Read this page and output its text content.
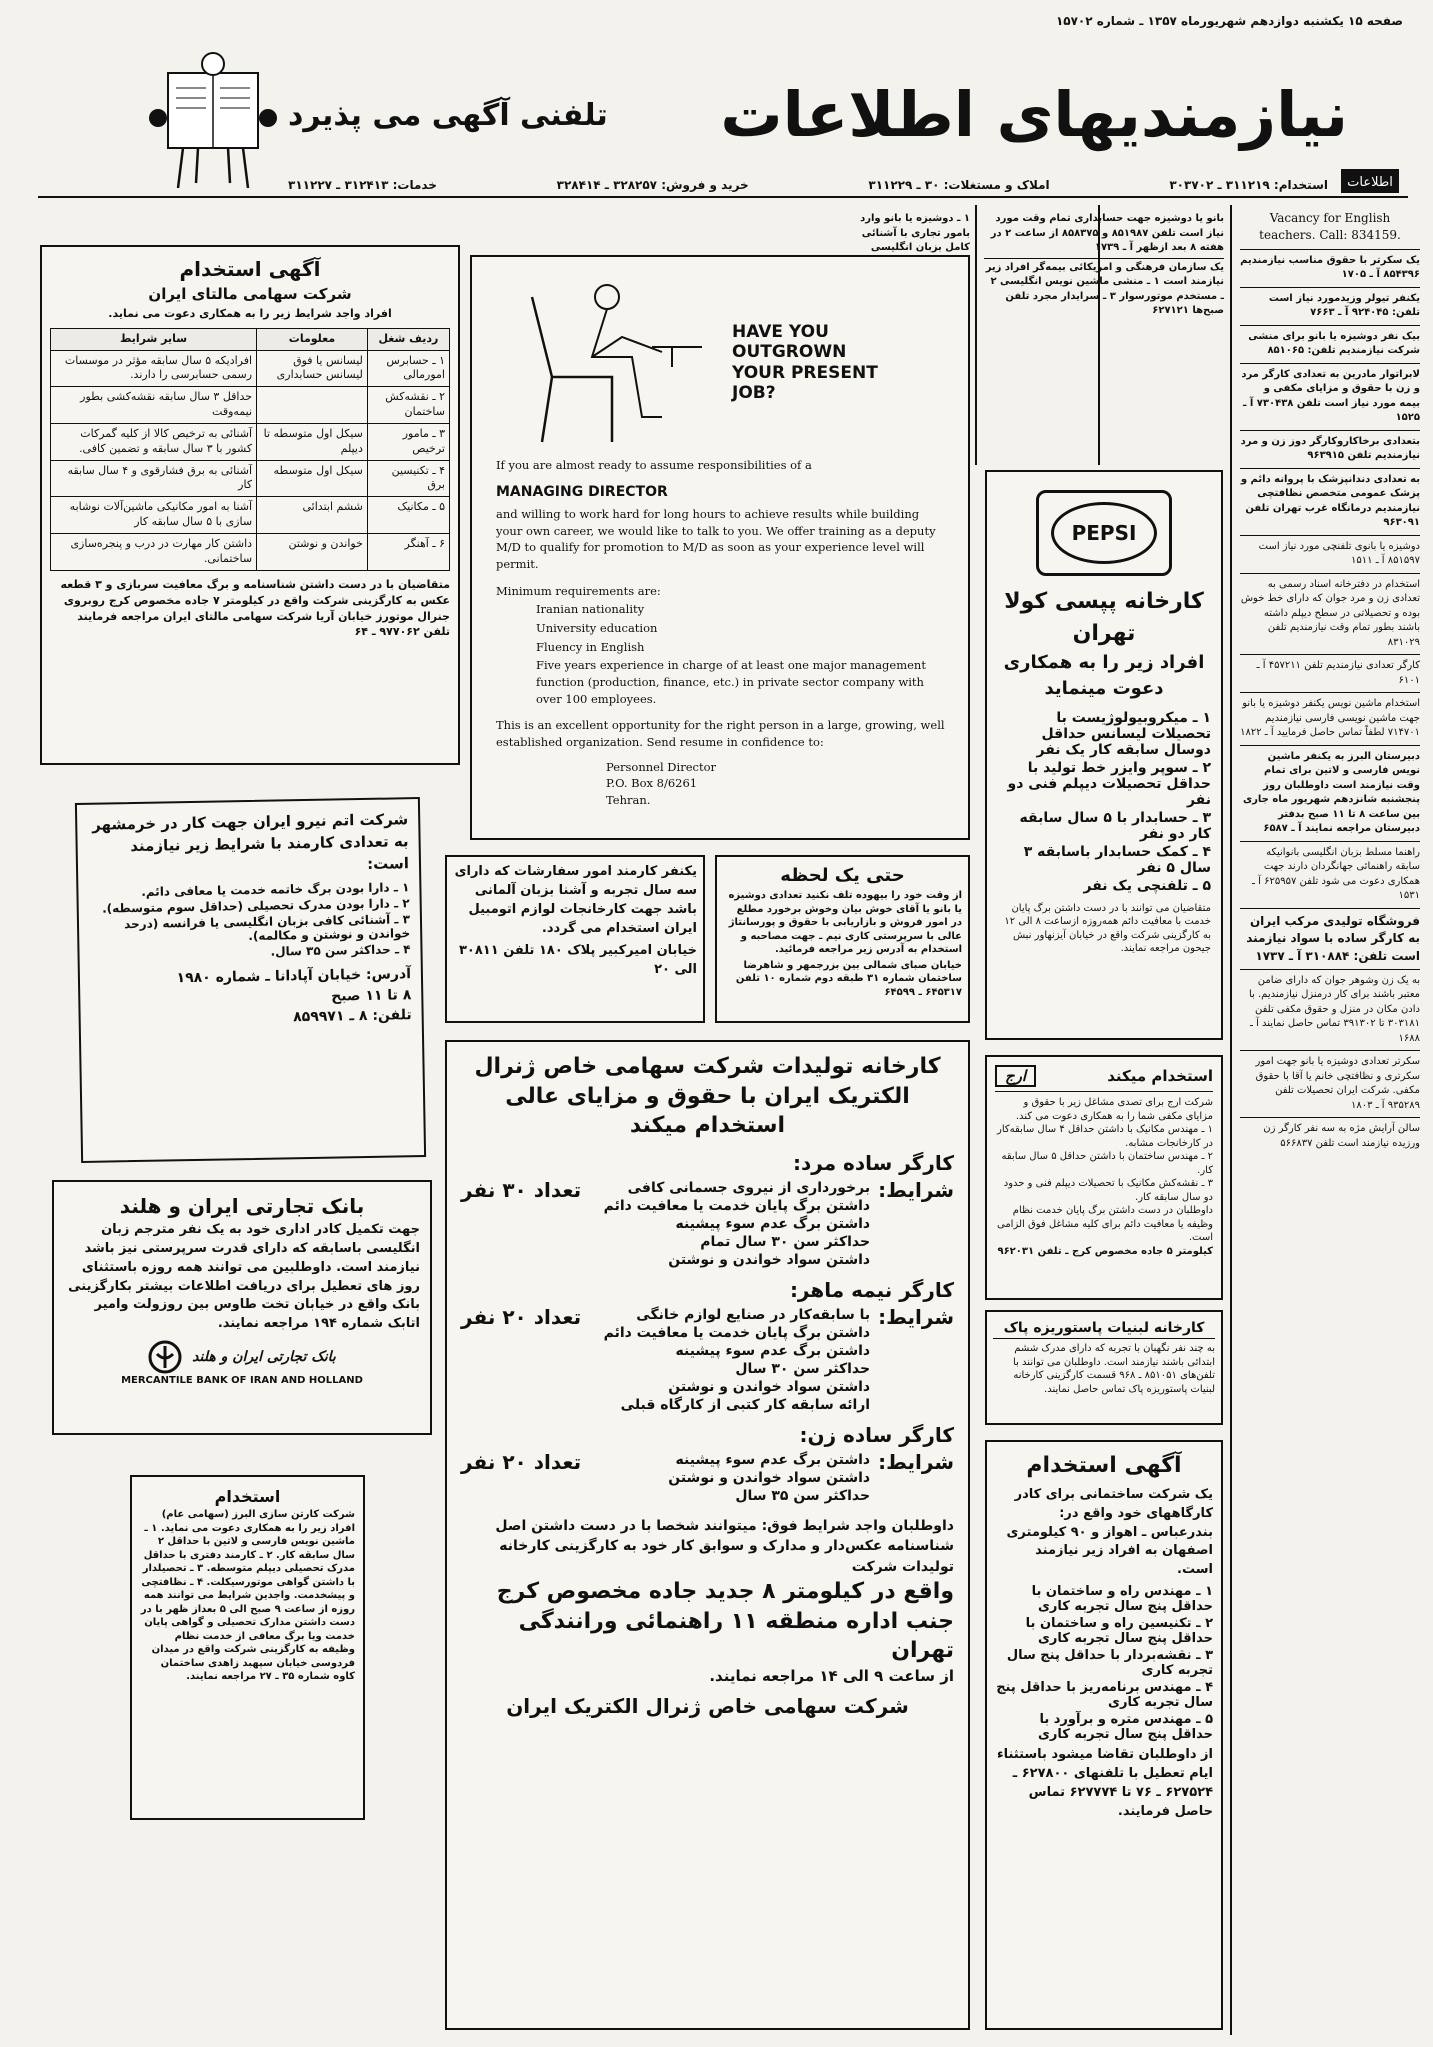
صفحه ۱۵ یکشنبه دوازدهم شهریورماه ۱۳۵۷ ـ شماره ۱۵۷۰۲
تلفنی آگهی می پذیرد نیازمندیهای اطلاعات
استخدام: ۳۱۱۲۱۹ ـ ۳۰۳۷۰۲
املاک و مستغلات: ۳۰ ـ ۳۱۱۲۲۹
خرید و فروش: ۳۲۸۲۵۷ ـ ۳۲۸۴۱۴
خدمات: ۳۱۲۴۱۳ ـ ۳۱۱۲۲۷	اطلاعات
Vacancy for English teachers. Call: 834159.
یک سکرتر با حقوق مناسب نیازمندیم ۸۵۴۳۹۶ آ ـ ۱۷۰۵
یکنفر تیولر وزیدمورد نیاز است تلفن: ۹۲۴۰۴۵ آ ـ ۷۶۶۳
بیک نفر دوشیزه یا بانو برای منشی شرکت نیازمندیم تلفن: ۸۵۱۰۶۵
لابراتوار مادرین به تعدادی کارگر مرد و زن با حقوق و مزایای مکفی و بیمه مورد نیاز است تلفن ۷۳۰۴۳۸ آ ـ ۱۵۲۵
بتعدادی برخاکاروکارگر دوز زن و مرد نیازمندیم تلفن ۹۶۳۹۱۵
به تعدادی دندانپزشک با پروانه دائم و پزشک عمومی متخصص نظافتچی نیازمندیم درمانگاه غرب تهران تلفن ۹۶۳۰۹۱
دوشیزه یا بانوی تلفنچی مورد نیاز است ۸۵۱۵۹۷ آ ـ ۱۵۱۱
استخدام در دفترخانه اسناد رسمی به تعدادی زن و مرد جوان که دارای خط خوش بوده و تحصیلاتی در سطح دیپلم داشته باشند بطور تمام وقت نیازمندیم تلفن ۸۳۱۰۲۹
کارگر تعدادی نیازمندیم تلفن ۴۵۷۲۱۱ آ ـ ۶۱۰۱
استخدام ماشین نویس یکنفر دوشیزه یا بانو جهت ماشین نویسی فارسی نیازمندیم ۷۱۴۷۰۱ لطفاً تماس حاصل فرمایید آ ـ ۱۸۲۲
دبیرستان البرز به یکنفر ماشین نویس فارسی و لاتین برای تمام وقت نیازمند است داوطلبان روز پنجشنبه شانزدهم شهریور ماه جاری بین ساعت ۸ تا ۱۱ صبح بدفتر دبیرستان مراجعه نمایند آ ـ ۶۵۸۷
راهنما مسلط بزبان انگلیسی بانوانیکه سابقه راهنمائی جهانگردان دارند جهت همکاری دعوت می شود تلفن ۶۲۵۹۵۷ آ ـ ۱۵۳۱
فروشگاه تولیدی مرکب ایران به کارگر ساده با سواد نیازمند است تلفن: ۳۱۰۸۸۴ آ ـ ۱۷۳۷
به یک زن وشوهر جوان که دارای ضامن معتبر باشند برای کار درمنزل نیازمندیم. با دادن مکان در منزل و حقوق مکفی تلفن ۳۰۳۱۸۱ تا ۳۹۱۳۰۲ تماس حاصل نمایند آ ـ ۱۶۸۸
سکرتر تعدادی دوشیزه یا بانو جهت امور سکرتری و نظافتچی خانم یا آقا با حقوق مکفی. شرکت ایران تحصیلات تلفن ۹۳۵۲۸۹ آ ـ ۱۸۰۳
سالن آرایش مژه به سه نفر کارگر زن ورزیده نیازمند است تلفن ۵۶۶۸۳۷
بانو یا دوشیزه جهت حسابداری تمام وقت مورد نیاز است تلفن ۸۵۱۹۸۷ و ۸۵۸۳۷۵ از ساعت ۲ در هفته ۸ بعد ازظهر آ ـ ۱۷۳۹
یک سازمان فرهنگی و امریکائی بیمه‌گر افراد زیر نیازمند است ۱ ـ منشی ماشین نویس انگلیسی ۲ ـ مستخدم موتورسوار ۳ ـ سرایدار مجرد تلفن صبح‌ها ۶۲۷۱۲۱
۱ ـ دوشیزه یا بانو وارد بامور تجاری با آشنائی کامل بزبان انگلیسی
PEPSI
کارخانه پپسی کولا تهران
افراد زیر را به همکاری دعوت مینماید
۱ ـ میکروبیولوژیست با تحصیلات لیسانس حداقل دوسال سابقه کار یک نفر
۲ ـ سوپر وایزر خط تولید با حداقل تحصیلات دیپلم فنی دو نفر
۳ ـ حسابدار با ۵ سال سابقه کار دو نفر
۴ ـ کمک حسابدار باسابقه ۳ سال ۵ نفر
۵ ـ تلفنچی یک نفر
متقاضیان می توانند با در دست داشتن برگ پایان خدمت با معافیت دائم همه‌روزه ازساعت ۸ الی ۱۲ به کارگزینی شرکت واقع در خیابان آیزنهاور نبش جیحون مراجعه نمایند.
استخدام میکند
ارج
شرکت ارج برای تصدی مشاغل زیر با حقوق و مزایای مکفی شما را به همکاری دعوت می کند.
۱ ـ مهندس مکانیک با داشتن حداقل ۴ سال سابقه‌کار در کارخانجات مشابه.
۲ ـ مهندس ساختمان با داشتن حداقل ۵ سال سابقه کار.
۳ ـ نقشه‌کش مکانیک با تحصیلات دیپلم فنی و حدود دو سال سابقه کار.
داوطلبان در دست داشتن برگ پایان خدمت نظام وظیفه یا معافیت دائم برای کلیه مشاغل فوق الزامی است.
کیلومتر ۵ جاده مخصوص کرج ـ تلفن ۹۶۲۰۳۱
کارخانه لبنیات پاستوریزه پاک
به چند نفر نگهبان با تجربه که دارای مدرک ششم ابتدائی باشند نیازمند است. داوطلبان می توانند با تلفن‌های ۸۵۱۰۵۱ ـ ۹۶۸ قسمت کارگزینی کارخانه لبنیات پاستوریزه پاک تماس حاصل نمایند.
آگهی استخدام
یک شرکت ساختمانی برای کادر کارگاههای خود واقع در: بندرعباس ـ اهواز و ۹۰ کیلومتری اصفهان به افراد زیر نیازمند است.
۱ ـ مهندس راه و ساختمان با حداقل پنج سال تجربه کاری
۲ ـ تکنیسین راه و ساختمان با حداقل پنج سال تجربه کاری
۳ ـ نقشه‌بردار با حداقل پنج سال تجربه کاری
۴ ـ مهندس برنامه‌ریز با حداقل پنج سال تجربه کاری
۵ ـ مهندس متره و برآورد با حداقل پنج سال تجربه کاری
از داوطلبان تقاضا میشود باستثناء ایام تعطیل با تلفنهای ۶۲۷۸۰۰ ـ ۶۲۷۵۲۴ ـ ۷۶ تا ۶۲۷۷۷۴ تماس حاصل فرمایند.
HAVE YOU OUTGROWN YOUR PRESENT JOB?
If you are almost ready to assume responsibilities of a
MANAGING DIRECTOR
and willing to work hard for long hours to achieve results while building your own career, we would like to talk to you. We offer training as a deputy M/D to qualify for promotion to M/D as soon as your experience level will permit.
Minimum requirements are:
Iranian nationality
University education
Fluency in English
Five years experience in charge of at least one major management function (production, finance, etc.) in private sector company with over 100 employees.
This is an excellent opportunity for the right person in a large, growing, well established organization. Send resume in confidence to:
Personnel Director
P.O. Box 8/6261
Tehran.
آگهی استخدام
شرکت سهامی مالتای ایران
افراد واجد شرایط زیر را به همکاری دعوت می نماید.
ردیف شغل	معلومات	سایر شرایط
۱ ـ حسابرس امورمالی	لیسانس یا فوق لیسانس حسابداری	افرادیکه ۵ سال سابقه مؤثر در موسسات رسمی حسابرسی را دارند.
۲ ـ نقشه‌کش ساختمان		حداقل ۳ سال سابقه نقشه‌کشی بطور نیمه‌وقت
۳ ـ مامور ترخیص	سیکل اول متوسطه تا دیپلم	آشنائی به ترخیص کالا از کلیه گمرکات کشور با ۳ سال سابقه و تضمین کافی.
۴ ـ تکنیسین برق	سیکل اول متوسطه	آشنائی به برق فشارقوی و ۴ سال سابقه کار
۵ ـ مکانیک	ششم ابتدائی	آشنا به امور مکانیکی ماشین‌آلات نوشابه سازی با ۵ سال سابقه کار
۶ ـ آهنگر	خواندن و نوشتن	داشتن کار مهارت در درب و پنجره‌سازی ساختمانی.
متقاضیان با در دست داشتن شناسنامه و برگ معافیت سربازی و ۳ قطعه عکس به کارگزینی شرکت واقع در کیلومتر ۷ جاده مخصوص کرج روبروی جنرال موتورز خیابان آریا شرکت سهامی مالتای ایران مراجعه فرمایند تلفن ۹۷۷۰۶۲ ـ ۶۴
شرکت اتم نیرو ایران جهت کار در خرمشهر به تعدادی کارمند با شرایط زیر نیازمند است:
۱ ـ دارا بودن برگ خاتمه خدمت یا معافی دائم.
۲ ـ دارا بودن مدرک تحصیلی (حداقل سوم متوسطه).
۳ ـ آشنائی کافی بزبان انگلیسی یا فرانسه (درحد خواندن و نوشتن و مکالمه).
۴ ـ حداکثر سن ۳۵ سال.
آدرس: خیابان آپادانا ـ شماره ۱۹۸۰
۸ تا ۱۱ صبح
تلفن: ۸ ـ ۸۵۹۹۷۱
بانک تجارتی ایران و هلند
جهت تکمیل کادر اداری خود به یک نفر مترجم زبان انگلیسی باسابقه که دارای قدرت سرپرستی نیز باشد نیازمند است. داوطلبین می توانند همه روزه باستثنای روز های تعطیل برای دریافت اطلاعات بیشتر بکارگزینی بانک واقع در خیابان تخت طاوس بین روزولت وامیر اتابک شماره ۱۹۴ مراجعه نمایند.
بانک تجارتی ایران و هلند
MERCANTILE BANK OF IRAN AND HOLLAND
استخدام
شرکت کارتن سازی البرز (سهامی عام) افراد زیر را به همکاری دعوت می نماید. ۱ ـ ماشین نویس فارسی و لاتین با حداقل ۲ سال سابقه کار. ۲ ـ کارمند دفتری با حداقل مدرک تحصیلی دیپلم متوسطه. ۳ ـ تحصیلدار با داشتن گواهی موتورسیکلت. ۴ ـ نظافتچی و پیشخدمت. واجدین شرایط می توانند همه روزه از ساعت ۹ صبح الی ۵ بعداز ظهر با در دست داشتن مدارک تحصیلی و گواهی پایان خدمت ویا برگ معافی از خدمت نظام وظیفه به کارگزینی شرکت واقع در میدان فردوسی خیابان سپهبد زاهدی ساختمان کاوه شماره ۳۵ ـ ۲۷ مراجعه نمایند.
حتی یک لحظه
از وقت خود را بیهوده تلف نکنید تعدادی دوشیزه یا بانو یا آقای خوش بیان وخوش برخورد مطلع در امور فروش و بازاریابی با حقوق و پورسانتاژ عالی با سرپرستی کاری نیم ـ جهت مصاحبه و استخدام به آدرس زیر مراجعه فرمائید.
خیابان صبای شمالی بین بزرجمهر و شاهرضا ساختمان شماره ۳۱ طبقه دوم شماره ۱۰ تلفن ۶۴۵۳۱۷ ـ ۶۴۵۹۹
یکنفر کارمند امور سفارشات که دارای سه سال تجربه و آشنا بزبان آلمانی باشد جهت کارخانجات لوازم اتومبیل ایران استخدام می گردد.
خیابان امیرکبیر پلاک ۱۸۰ تلفن ۳۰۸۱۱ الی ۲۰
کارخانه تولیدات شرکت سهامی خاص ژنرال الکتریک ایران با حقوق و مزایای عالی استخدام میکند
کارگر ساده مرد:
شرایط:
برخورداری از نیروی جسمانی کافی
داشتن برگ پایان خدمت یا معافیت دائم
داشتن برگ عدم سوء پیشینه
حداکثر سن ۳۰ سال تمام
داشتن سواد خواندن و نوشتن
تعداد ۳۰ نفر
کارگر نیمه ماهر:
شرایط:
با سابقه‌کار در صنایع لوازم خانگی
داشتن برگ پایان خدمت یا معافیت دائم
داشتن برگ عدم سوء پیشینه
حداکثر سن ۳۰ سال
داشتن سواد خواندن و نوشتن
ارائه سابقه کار کتبی از کارگاه قبلی
تعداد ۲۰ نفر
کارگر ساده زن:
شرایط:
داشتن برگ عدم سوء پیشینه
داشتن سواد خواندن و نوشتن
حداکثر سن ۳۵ سال
تعداد ۲۰ نفر
داوطلبان واجد شرایط فوق: میتوانند شخصا با در دست داشتن اصل شناسنامه عکس‌دار و مدارک و سوابق کار خود به کارگزینی کارخانه تولیدات شرکت
واقع در کیلومتر ۸ جدید جاده مخصوص کرج جنب اداره منطقه ۱۱ راهنمائی ورانندگی تهران
از ساعت ۹ الی ۱۴ مراجعه نمایند.
شرکت سهامی خاص ژنرال الکتریک ایران
